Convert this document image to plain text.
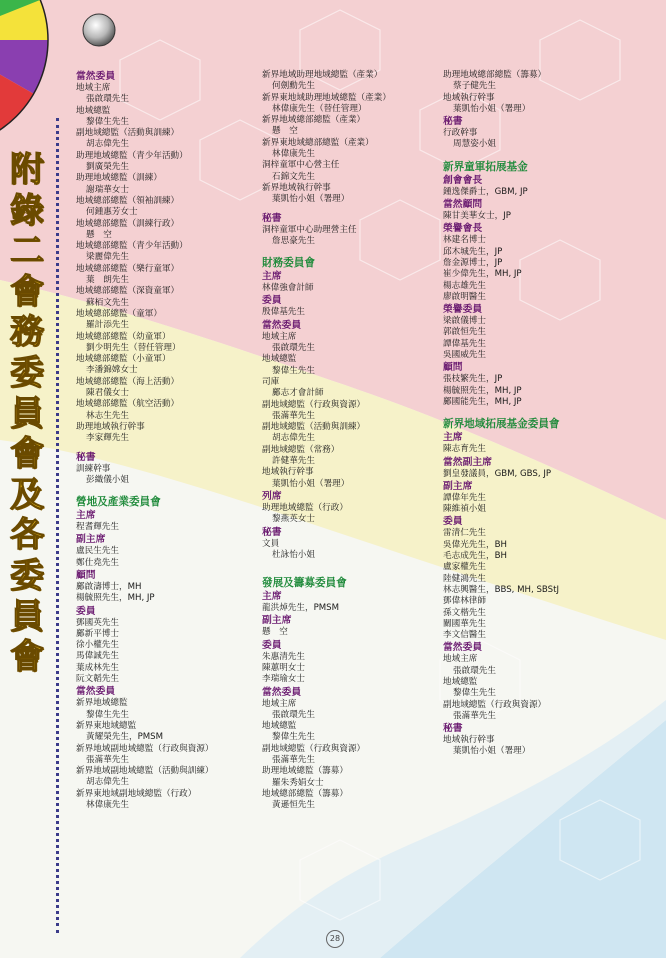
附
錄
二
會
務
委
員
會
及
各
委
員
會
當然委員
地域主席
張啟環先生
地域總監
黎偉生先生
副地域總監（活動與訓練）
胡志偉先生
助理地域總監（青少年活動）
劉廣榮先生
助理地域總監（訓練）
謝瑞華女士
地域總部總監（領袖訓練）
何鍾惠芳女士
地域總部總監（訓練行政）
懸　空
地域總部總監（青少年活動）
梁麗偉先生
地域總部總監（樂行童軍）
葉　朗先生
地域總部總監（深資童軍）
蘇栢文先生
地域總部總監（童軍）
羅計添先生
地域總部總監（幼童軍）
劉少明先生（替任管理）
地域總部總監（小童軍）
李潘錦嫦女士
地域總部總監（海上活動）
陳君儀女士
地域總部總監（航空活動）
林志生先生
助理地域執行幹事
李家輝先生
秘書
訓練幹事
彭織儀小姐
營地及產業委員會
主席
程耆輝先生
副主席
盧民生先生
鄭仕堯先生
顧問
鄺啟濤博士，MH
楊毓照先生，MH, JP
委員
鄧國英先生
鄺新平博士
徐小權先生
馬偉誠先生
葉成林先生
阮文韜先生
當然委員
新界地域總監
黎偉生先生
新界東地域總監
黃耀榮先生，PMSM
新界地域副地域總監（行政與資源）
張滿華先生
新界地域副地域總監（活動與訓練）
胡志偉先生
新界東地域副地域總監（行政）
林偉康先生
新界地域助理地域總監（產業）
何劍勳先生
新界東地域助理地域總監（產業）
林偉康先生（替任管理）
新界地域總部總監（產業）
懸　空
新界東地域總部總監（產業）
林偉康先生
洞梓童軍中心營主任
石錦文先生
新界地域執行幹事
葉凱怡小姐（署理）
秘書
洞梓童軍中心助理營主任
詹思豪先生
財務委員會
主席
林偉強會計師
委員
殷偉基先生
當然委員
地域主席
張啟環先生
地域總監
黎偉生先生
司庫
鄺志才會計師
副地域總監（行政與資源）
張滿華先生
副地域總監（活動與訓練）
胡志偉先生
副地域總監（常務）
許健華先生
地域執行幹事
葉凱怡小姐（署理）
列席
助理地域總監（行政）
黎燕英女士
秘書
文員
杜詠怡小姐
發展及籌募委員會
主席
龍洪焯先生，PMSM
副主席
懸　空
委員
朱惠清先生
陳蕙明女士
李瑞瑜女士
當然委員
地域主席
張啟環先生
地域總監
黎偉生先生
副地域總監（行政與資源）
張滿華先生
助理地域總監（籌募）
羅朱秀娟女士
地域總部總監（籌募）
黃遜恒先生
助理地域總部總監（籌募）
蔡子健先生
地域執行幹事
葉凱怡小姐（署理）
秘書
行政幹事
周慧姿小姐
新界童軍拓展基金
創會會長
鍾逸傑爵士，GBM, JP
當然顧問
陳甘美華女士，JP
榮譽會長
林建名博士
邱木城先生，JP
詹金源博士，JP
崔少偉先生，MH, JP
楊志雄先生
廖啟明醫生
榮譽委員
梁啟儀博士
郭啟恒先生
譚偉基先生
吳國威先生
顧問
張枝繁先生，JP
楊毓照先生，MH, JP
鄺國能先生，MH, JP
新界地域拓展基金委員會
主席
陳志育先生
當然副主席
劉皇發議員，GBM, GBS, JP
副主席
譚偉年先生
陳維禎小姐
委員
雷清仁先生
吳偉光先生，BH
毛志成先生，BH
盧家權先生
陸健鴻先生
林志興醫生，BBS, MH, SBStJ
鄧偉林律師
孫文楷先生
關國華先生
李文信醫生
當然委員
地域主席
張啟環先生
地域總監
黎偉生先生
副地域總監（行政與資源）
張滿華先生
秘書
地域執行幹事
葉凱怡小姐（署理）
28
